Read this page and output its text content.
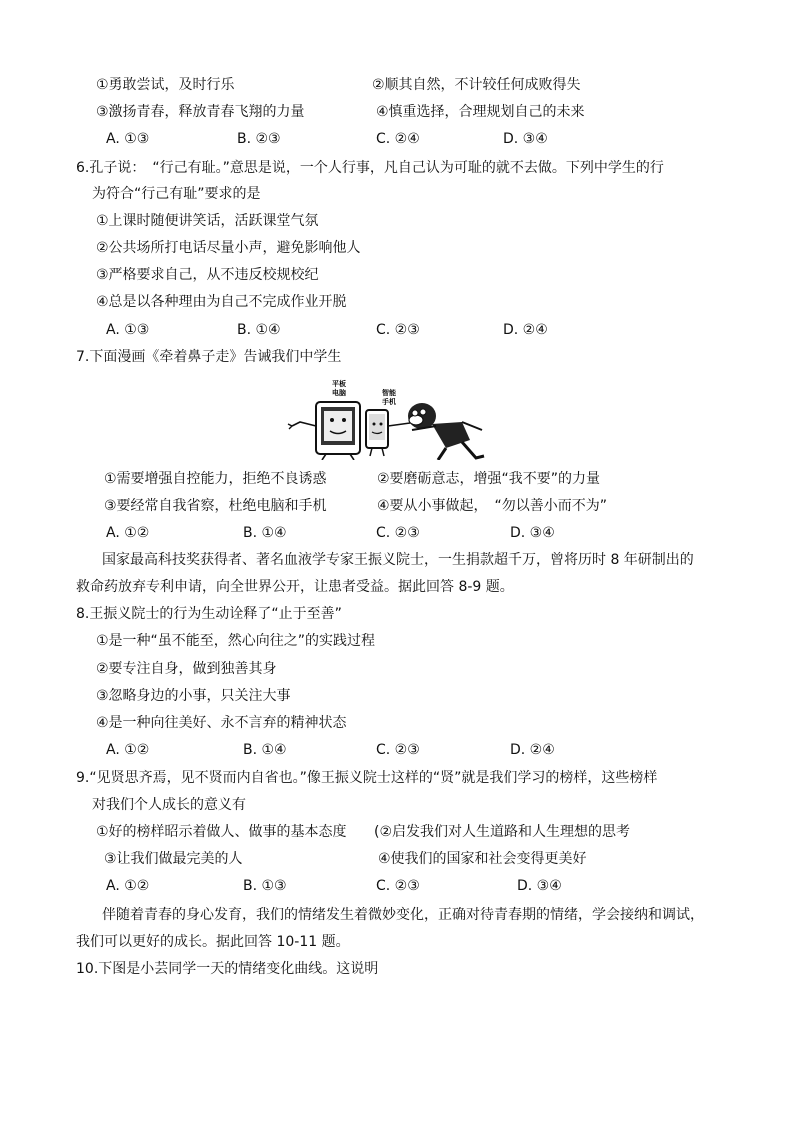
①勇敢尝试，及时行乐	②顺其自然，不计较任何成败得失
③激扬青春，释放青春飞翔的力量	④慎重选择，合理规划自己的未来
A. ①③	B. ②③	C. ②④	D. ③④
6.孔子说：　“行己有耻。”意思是说，一个人行事，凡自己认为可耻的就不去做。下列中学生的行
为符合“行己有耻”要求的是
①上课时随便讲笑话，活跃课堂气氛
②公共场所打电话尽量小声，避免影响他人
③严格要求自己，从不违反校规校纪
④总是以各种理由为自己不完成作业开脱
A. ①③	B. ①④	C. ②③	D. ②④
7.下面漫画《牵着鼻子走》告诫我们中学生
平板
电脑	智能
手机
①需要增强自控能力，拒绝不良诱惑	②要磨砺意志，增强“我不要”的力量
③要经常自我省察，杜绝电脑和手机	④要从小事做起，　“勿以善小而不为”
A. ①②	B. ①④	C. ②③	D. ③④
国家最高科技奖获得者、著名血液学专家王振义院士，一生捐款超千万，曾将历时 8 年研制出的
救命药放弃专利申请，向全世界公开，让患者受益。据此回答 8-9 题。
8.王振义院士的行为生动诠释了“止于至善”
①是一种“虽不能至，然心向往之”的实践过程
②要专注自身，做到独善其身
③忽略身边的小事，只关注大事
④是一种向往美好、永不言弃的精神状态
A. ①②	B. ①④	C. ②③	D. ②④
9.“见贤思齐焉，见不贤而内自省也。”像王振义院士这样的“贤”就是我们学习的榜样，这些榜样
对我们个人成长的意义有
①好的榜样昭示着做人、做事的基本态度 (②启发我们对人生道路和人生理想的思考
③让我们做最完美的人	④使我们的国家和社会变得更美好
A. ①②	B. ①③	C. ②③	D. ③④
伴随着青春的身心发育，我们的情绪发生着微妙变化，正确对待青春期的情绪，学会接纳和调试，
我们可以更好的成长。据此回答 10-11 题。
10.下图是小芸同学一天的情绪变化曲线。这说明
